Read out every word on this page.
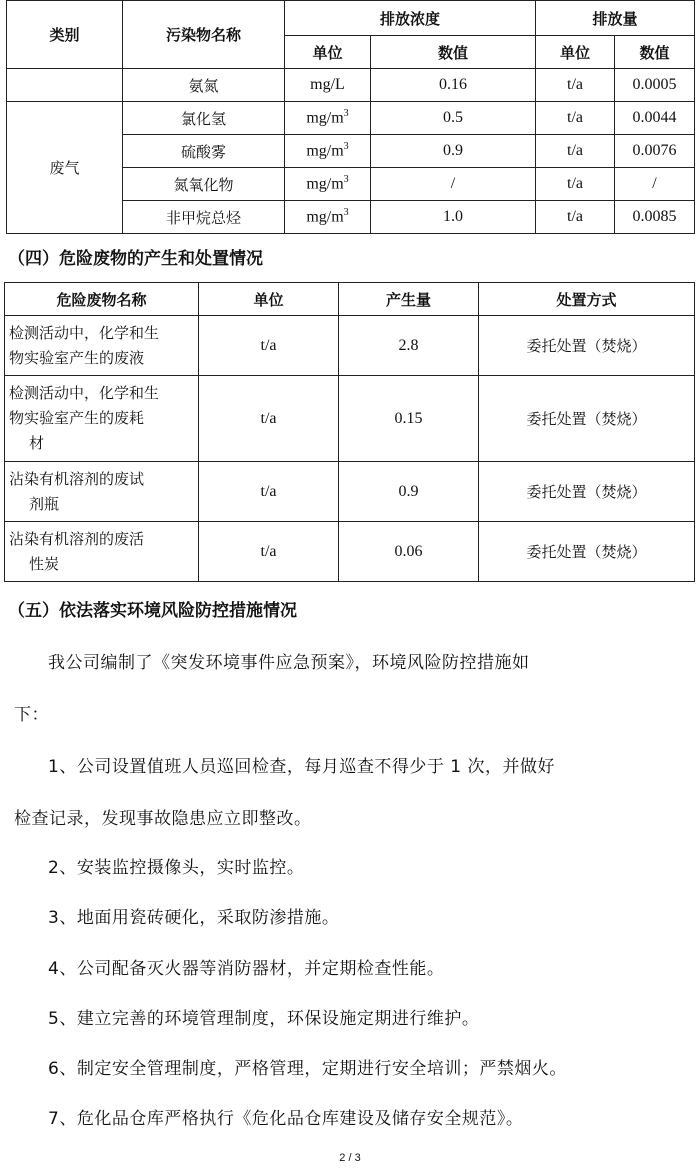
类别	污染物名称	排放浓度		排放量	
		单位	数值	单位	数值
	氨氮	mg/L	0.16	t/a	0.0005
废气	氯化氢	$mg/m^3$	0.5	t/a	0.0044
	硫酸雾	$mg/m^3$	0.9	t/a	0.0076
	氮氧化物	$mg/m^3$	/	t/a	/
	非甲烷总烃	$mg/m^3$	1.0	t/a	0.0085
（四）危险废物的产生和处置情况
危险废物名称	单位	产生量	处置方式
检测活动中，化学和生
物实验室产生的废液	t/a	2.8	委托处置（焚烧）
检测活动中，化学和生
物实验室产生的废耗
材	t/a	0.15	委托处置（焚烧）
沾染有机溶剂的废试
剂瓶	t/a	0.9	委托处置（焚烧）
沾染有机溶剂的废活
性炭	t/a	0.06	委托处置（焚烧）
（五）依法落实环境风险防控措施情况
我公司编制了《突发环境事件应急预案》，环境风险防控措施如
下：
1、公司设置值班人员巡回检查，每月巡查不得少于 1 次，并做好
检查记录，发现事故隐患应立即整改。
2、安装监控摄像头，实时监控。
3、地面用瓷砖硬化，采取防渗措施。
4、公司配备灭火器等消防器材，并定期检查性能。
5、建立完善的环境管理制度，环保设施定期进行维护。
6、制定安全管理制度，严格管理，定期进行安全培训；严禁烟火。
7、危化品仓库严格执行《危化品仓库建设及储存安全规范》。
2 / 3
